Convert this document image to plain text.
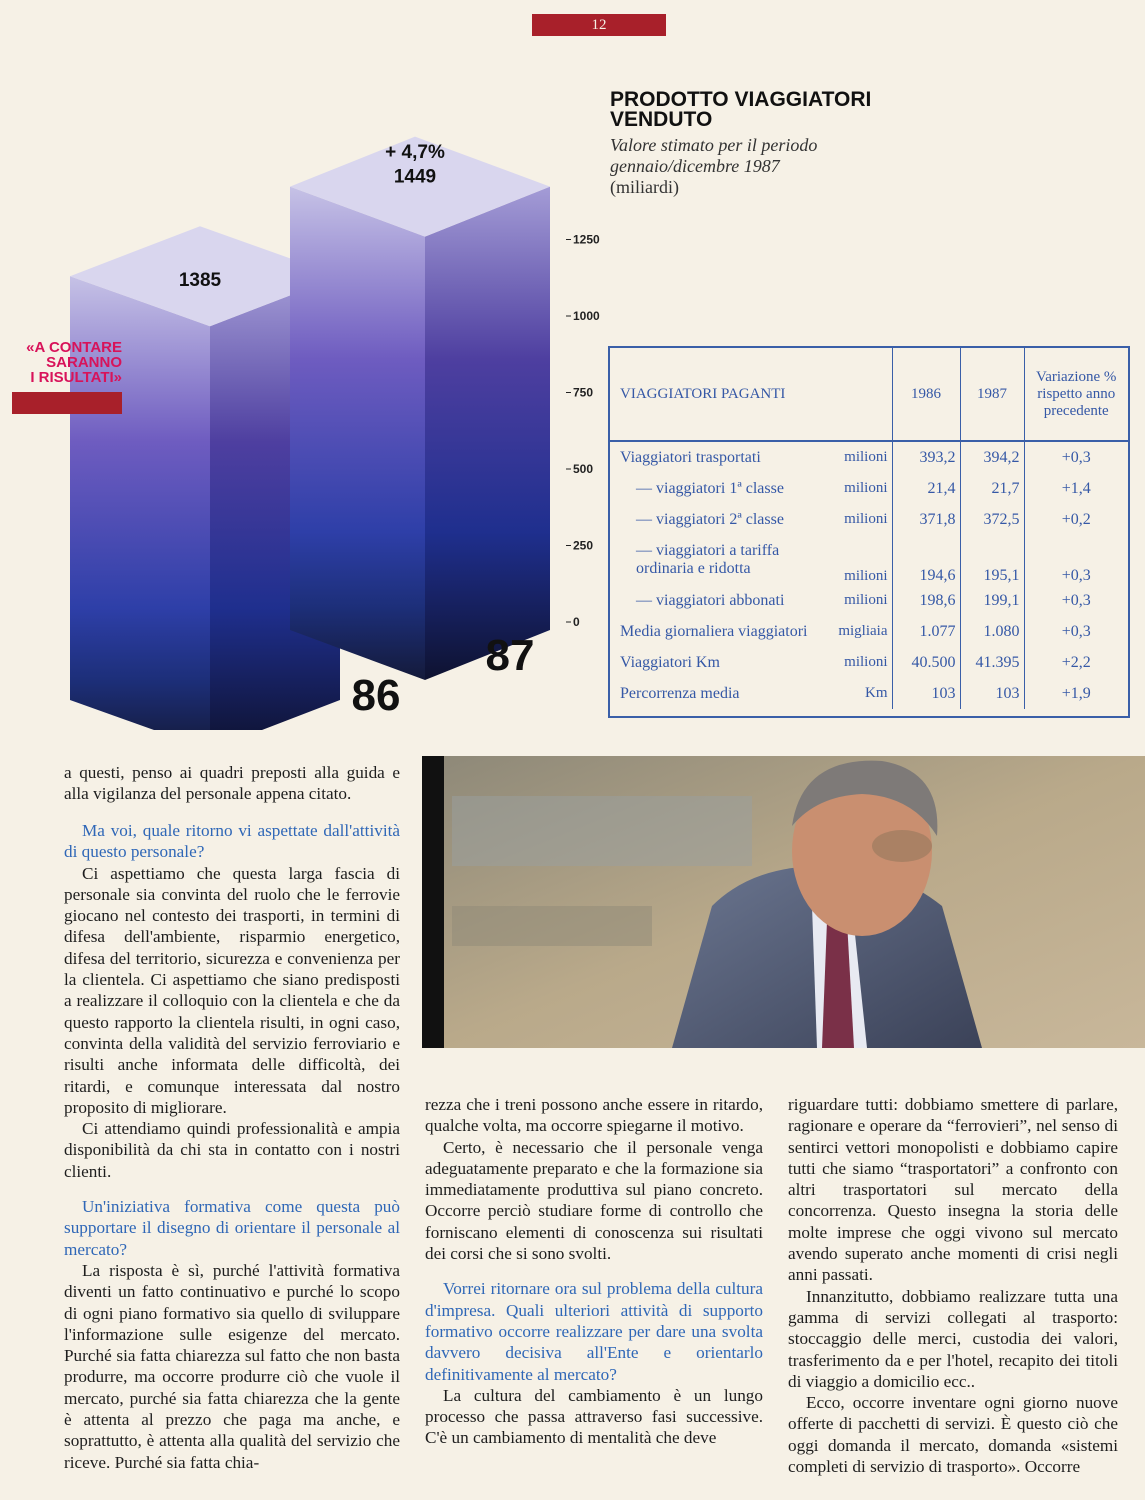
12
1250
1000
750
500
250
0
1385
86
1449
87
+ 4,7%
PRODOTTO VIAGGIATORI VENDUTO
Valore stimato per il periodo gennaio/dicembre 1987
(miliardi)
«A CONTARE
SARANNO
I RISULTATI»
VIAGGIATORI PAGANTI		1986	1987	Variazione % rispetto anno precedente
Viaggiatori trasportati	milioni	393,2	394,2	+0,3
— viaggiatori 1ª classe	milioni	21,4	21,7	+1,4
— viaggiatori 2ª classe	milioni	371,8	372,5	+0,2
— viaggiatori a tariffa ordinaria e ridotta	milioni	194,6	195,1	+0,3
— viaggiatori abbonati	milioni	198,6	199,1	+0,3
Media giornaliera viaggiatori	migliaia	1.077	1.080	+0,3
Viaggiatori Km	milioni	40.500	41.395	+2,2
Percorrenza media	Km	103	103	+1,9

a questi, penso ai quadri preposti alla guida e alla vigilanza del personale appena citato.

Ma voi, quale ritorno vi aspettate dall'attività di questo personale?

Ci aspettiamo che questa larga fascia di personale sia convinta del ruolo che le ferrovie giocano nel contesto dei trasporti, in termini di difesa dell'ambiente, risparmio energetico, difesa del territorio, sicurezza e convenienza per la clientela. Ci aspettiamo che siano predisposti a realizzare il colloquio con la clientela e che da questo rapporto la clientela risulti, in ogni caso, convinta della validità del servizio ferroviario e risulti anche informata delle difficoltà, dei ritardi, e comunque interessata dal nostro proposito di migliorare.

Ci attendiamo quindi professionalità e ampia disponibilità da chi sta in contatto con i nostri clienti.

Un'iniziativa formativa come questa può supportare il disegno di orientare il personale al mercato?

La risposta è sì, purché l'attività formativa diventi un fatto continuativo e purché lo scopo di ogni piano formativo sia quello di sviluppare l'informazione sulle esigenze del mercato. Purché sia fatta chiarezza sul fatto che non basta produrre, ma occorre produrre ciò che vuole il mercato, purché sia fatta chiarezza che la gente è attenta al prezzo che paga ma anche, e soprattutto, è attenta alla qualità del servizio che riceve. Purché sia fatta chia-

rezza che i treni possono anche essere in ritardo, qualche volta, ma occorre spiegarne il motivo.

Certo, è necessario che il personale venga adeguatamente preparato e che la formazione sia immediatamente produttiva sul piano concreto. Occorre perciò studiare forme di controllo che forniscano elementi di conoscenza sui risultati dei corsi che si sono svolti.

Vorrei ritornare ora sul problema della cultura d'impresa. Quali ulteriori attività di supporto formativo occorre realizzare per dare una svolta davvero decisiva all'Ente e orientarlo definitivamente al mercato?

La cultura del cambiamento è un lungo processo che passa attraverso fasi successive. C'è un cambiamento di mentalità che deve

riguardare tutti: dobbiamo smettere di parlare, ragionare e operare da “ferrovieri”, nel senso di sentirci vettori monopolisti e dobbiamo capire tutti che siamo “trasportatori” a confronto con altri trasportatori sul mercato della concorrenza. Questo insegna la storia delle molte imprese che oggi vivono sul mercato avendo superato anche momenti di crisi negli anni passati.

Innanzitutto, dobbiamo realizzare tutta una gamma di servizi collegati al trasporto: stoccaggio delle merci, custodia dei valori, trasferimento da e per l'hotel, recapito dei titoli di viaggio a domicilio ecc..

Ecco, occorre inventare ogni giorno nuove offerte di pacchetti di servizi. È questo ciò che oggi domanda il mercato, domanda «sistemi completi di servizio di trasporto». Occorre
